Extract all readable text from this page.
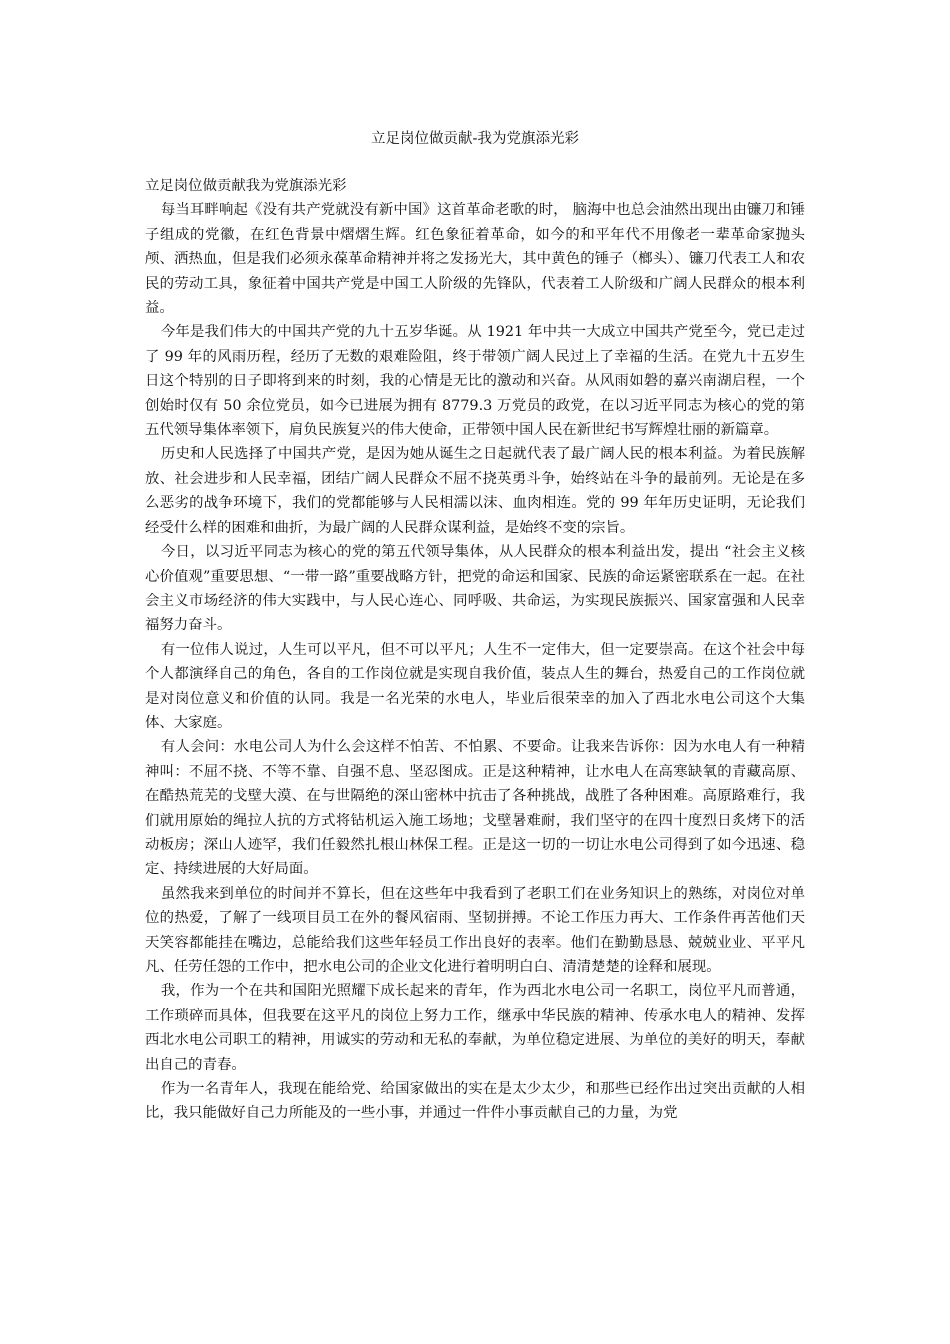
立足岗位做贡献-我为党旗添光彩

立足岗位做贡献我为党旗添光彩

每当耳畔响起《没有共产党就没有新中国》这首革命老歌的时， 脑海中也总会油然出现出由镰刀和锤子组成的党徽，在红色背景中熠熠生辉。红色象征着革命，如今的和平年代不用像老一辈革命家抛头颅、洒热血，但是我们必须永葆革命精神并将之发扬光大，其中黄色的锤子（榔头）、镰刀代表工人和农民的劳动工具，象征着中国共产党是中国工人阶级的先锋队，代表着工人阶级和广阔人民群众的根本利益。

今年是我们伟大的中国共产党的九十五岁华诞。从 1921 年中共一大成立中国共产党至今，党已走过了 99 年的风雨历程，经历了无数的艰难险阻，终于带领广阔人民过上了幸福的生活。在党九十五岁生日这个特别的日子即将到来的时刻，我的心情是无比的激动和兴奋。从风雨如磐的嘉兴南湖启程，一个创始时仅有 50 余位党员，如今已进展为拥有 8779.3 万党员的政党，在以习近平同志为核心的党的第五代领导集体率领下，肩负民族复兴的伟大使命，正带领中国人民在新世纪书写辉煌壮丽的新篇章。

历史和人民选择了中国共产党，是因为她从诞生之日起就代表了最广阔人民的根本利益。为着民族解放、社会进步和人民幸福，团结广阔人民群众不屈不挠英勇斗争，始终站在斗争的最前列。无论是在多么恶劣的战争环境下，我们的党都能够与人民相濡以沫、血肉相连。党的 99 年年历史证明，无论我们经受什么样的困难和曲折，为最广阔的人民群众谋利益，是始终不变的宗旨。

今日，以习近平同志为核心的党的第五代领导集体，从人民群众的根本利益出发，提出 “社会主义核心价值观”重要思想、“一带一路”重要战略方针，把党的命运和国家、民族的命运紧密联系在一起。在社会主义市场经济的伟大实践中，与人民心连心、同呼吸、共命运，为实现民族振兴、国家富强和人民幸福努力奋斗。

有一位伟人说过，人生可以平凡，但不可以平凡；人生不一定伟大，但一定要崇高。在这个社会中每个人都演绎自己的角色，各自的工作岗位就是实现自我价值，装点人生的舞台，热爱自己的工作岗位就是对岗位意义和价值的认同。我是一名光荣的水电人，毕业后很荣幸的加入了西北水电公司这个大集体、大家庭。

有人会问：水电公司人为什么会这样不怕苦、不怕累、不要命。让我来告诉你：因为水电人有一种精神叫：不屈不挠、不等不靠、自强不息、坚忍图成。正是这种精神，让水电人在高寒缺氧的青藏高原、在酷热荒芜的戈壁大漠、在与世隔绝的深山密林中抗击了各种挑战，战胜了各种困难。高原路难行，我们就用原始的绳拉人抗的方式将钻机运入施工场地；戈壁暑难耐，我们坚守的在四十度烈日炙烤下的活动板房；深山人迹罕，我们任毅然扎根山林保工程。正是这一切的一切让水电公司得到了如今迅速、稳定、持续进展的大好局面。

虽然我来到单位的时间并不算长，但在这些年中我看到了老职工们在业务知识上的熟练，对岗位对单位的热爱，了解了一线项目员工在外的餐风宿雨、坚韧拼搏。不论工作压力再大、工作条件再苦他们天天笑容都能挂在嘴边，总能给我们这些年轻员工作出良好的表率。他们在勤勤恳恳、兢兢业业、平平凡凡、任劳任怨的工作中，把水电公司的企业文化进行着明明白白、清清楚楚的诠释和展现。

我，作为一个在共和国阳光照耀下成长起来的青年，作为西北水电公司一名职工，岗位平凡而普通，工作琐碎而具体，但我要在这平凡的岗位上努力工作，继承中华民族的精神、传承水电人的精神、发挥西北水电公司职工的精神，用诚实的劳动和无私的奉献，为单位稳定进展、为单位的美好的明天，奉献出自己的青春。

作为一名青年人，我现在能给党、给国家做出的实在是太少太少，和那些已经作出过突出贡献的人相比，我只能做好自己力所能及的一些小事，并通过一件件小事贡献自己的力量，为党
